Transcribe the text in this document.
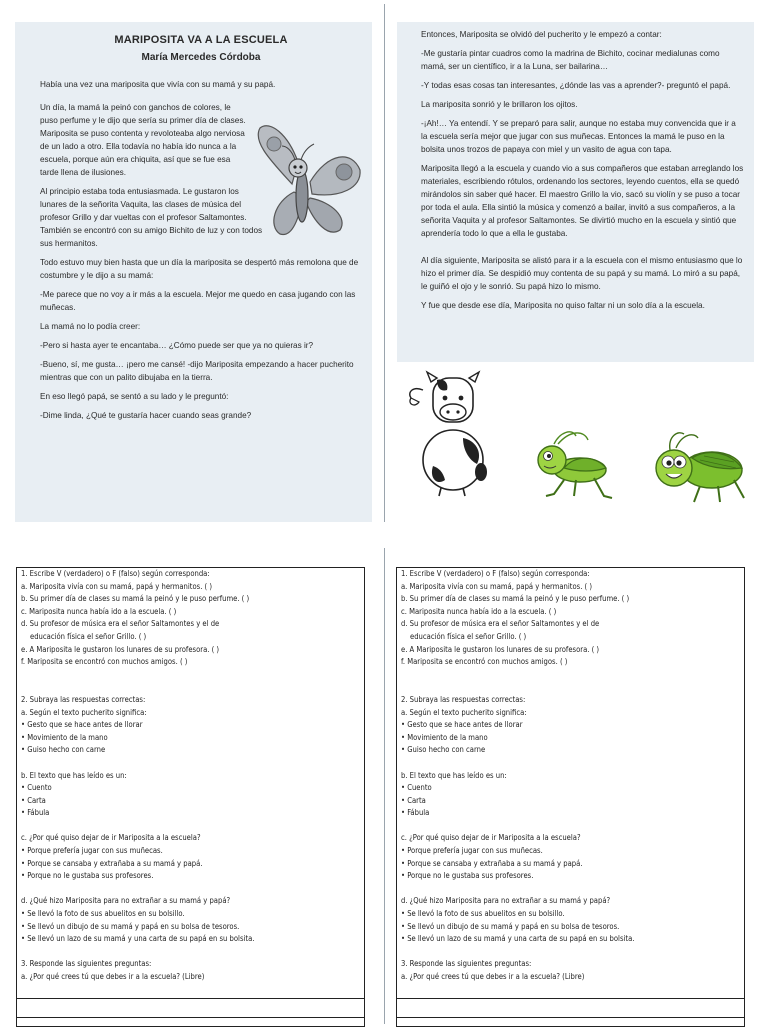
MARIPOSITA VA A LA ESCUELA
María Mercedes Córdoba

Había una vez una mariposita que vivía con su mamá y su papá.

Un día, la mamá la peinó con ganchos de colores, le puso perfume y le dijo que sería su primer día de clases. Mariposita se puso contenta y revoloteaba algo nerviosa de un lado a otro. Ella todavía no había ido nunca a la escuela, porque aún era chiquita, así que se fue esa tarde llena de ilusiones.

Al principio estaba toda entusiasmada. Le gustaron los lunares de la señorita Vaquita, las clases de música del profesor Grillo y dar vueltas con el profesor Saltamontes. También se encontró con su amigo Bichito de luz y con todos sus hermanitos.

Todo estuvo muy bien hasta que un día la mariposita se despertó más remolona que de costumbre y le dijo a su mamá:

-Me parece que no voy a ir más a la escuela. Mejor me quedo en casa jugando con las muñecas.

La mamá no lo podía creer:

-Pero si hasta ayer te encantaba… ¿Cómo puede ser que ya no quieras ir?

-Bueno, sí, me gusta… ¡pero me cansé! -dijo Mariposita empezando a hacer pucherito mientras que con un palito dibujaba en la tierra.

En eso llegó papá, se sentó a su lado y le preguntó:

-Dime linda, ¿Qué te gustaría hacer cuando seas grande?

Entonces, Mariposita se olvidó del pucherito y le empezó a contar:

-Me gustaría pintar cuadros como la madrina de Bichito, cocinar medialunas como mamá, ser un científico, ir a la Luna, ser bailarina…

-Y todas esas cosas tan interesantes, ¿dónde las vas a aprender?- preguntó el papá.

La mariposita sonrió y le brillaron los ojitos.

-¡Ah!… Ya entendí. Y se preparó para salir, aunque no estaba muy convencida que ir a la escuela sería mejor que jugar con sus muñecas. Entonces la mamá le puso en la bolsita unos trozos de papaya con miel y un vasito de agua con tapa.

Mariposita llegó a la escuela y cuando vio a sus compañeros que estaban arreglando los materiales, escribiendo rótulos, ordenando los sectores, leyendo cuentos, ella se quedó mirándolos sin saber qué hacer. El maestro Grillo la vio, sacó su violín y se puso a tocar por toda el aula. Ella sintió la música y comenzó a bailar, invitó a sus compañeros, a la señorita Vaquita y al profesor Saltamontes. Se divirtió mucho en la escuela y sintió que aprendería todo lo que a ella le gustaba.

Al día siguiente, Mariposita se alistó para ir a la escuela con el mismo entusiasmo que lo hizo el primer día. Se despidió muy contenta de su papá y su mamá. Lo miró a su papá, le guiñó el ojo y le sonrió. Su papá hizo lo mismo.

Y fue que desde ese día, Mariposita no quiso faltar ni un solo día a la escuela.

1. Escribe V (verdadero) o F (falso) según corresponda:
a. Mariposita vivía con su mamá, papá y hermanitos. ( )
b. Su primer día de clases su mamá la peinó y le puso perfume. ( )
c. Mariposita nunca había ido a la escuela. ( )
d. Su profesor de música era el señor Saltamontes y el de
educación física el señor Grillo. ( )
e. A Mariposita le gustaron los lunares de su profesora. ( )
f. Mariposita se encontró con muchos amigos. ( )
2. Subraya las respuestas correctas:
a. Según el texto pucherito significa:
• Gesto que se hace antes de llorar
• Movimiento de la mano
• Guiso hecho con carne
b. El texto que has leído es un:
• Cuento
• Carta
• Fábula
c. ¿Por qué quiso dejar de ir Mariposita a la escuela?
• Porque prefería jugar con sus muñecas.
• Porque se cansaba y extrañaba a su mamá y papá.
• Porque no le gustaba sus profesores.
d. ¿Qué hizo Mariposita para no extrañar a su mamá y papá?
• Se llevó la foto de sus abuelitos en su bolsillo.
• Se llevó un dibujo de su mamá y papá en su bolsa de tesoros.
• Se llevó un lazo de su mamá y una carta de su papá en su bolsita.
3. Responde las siguientes preguntas:
a. ¿Por qué crees tú que debes ir a la escuela? (Libre)
1. Escribe V (verdadero) o F (falso) según corresponda:
a. Mariposita vivía con su mamá, papá y hermanitos. ( )
b. Su primer día de clases su mamá la peinó y le puso perfume. ( )
c. Mariposita nunca había ido a la escuela. ( )
d. Su profesor de música era el señor Saltamontes y el de
educación física el señor Grillo. ( )
e. A Mariposita le gustaron los lunares de su profesora. ( )
f. Mariposita se encontró con muchos amigos. ( )
2. Subraya las respuestas correctas:
a. Según el texto pucherito significa:
• Gesto que se hace antes de llorar
• Movimiento de la mano
• Guiso hecho con carne
b. El texto que has leído es un:
• Cuento
• Carta
• Fábula
c. ¿Por qué quiso dejar de ir Mariposita a la escuela?
• Porque prefería jugar con sus muñecas.
• Porque se cansaba y extrañaba a su mamá y papá.
• Porque no le gustaba sus profesores.
d. ¿Qué hizo Mariposita para no extrañar a su mamá y papá?
• Se llevó la foto de sus abuelitos en su bolsillo.
• Se llevó un dibujo de su mamá y papá en su bolsa de tesoros.
• Se llevó un lazo de su mamá y una carta de su papá en su bolsita.
3. Responde las siguientes preguntas:
a. ¿Por qué crees tú que debes ir a la escuela? (Libre)
